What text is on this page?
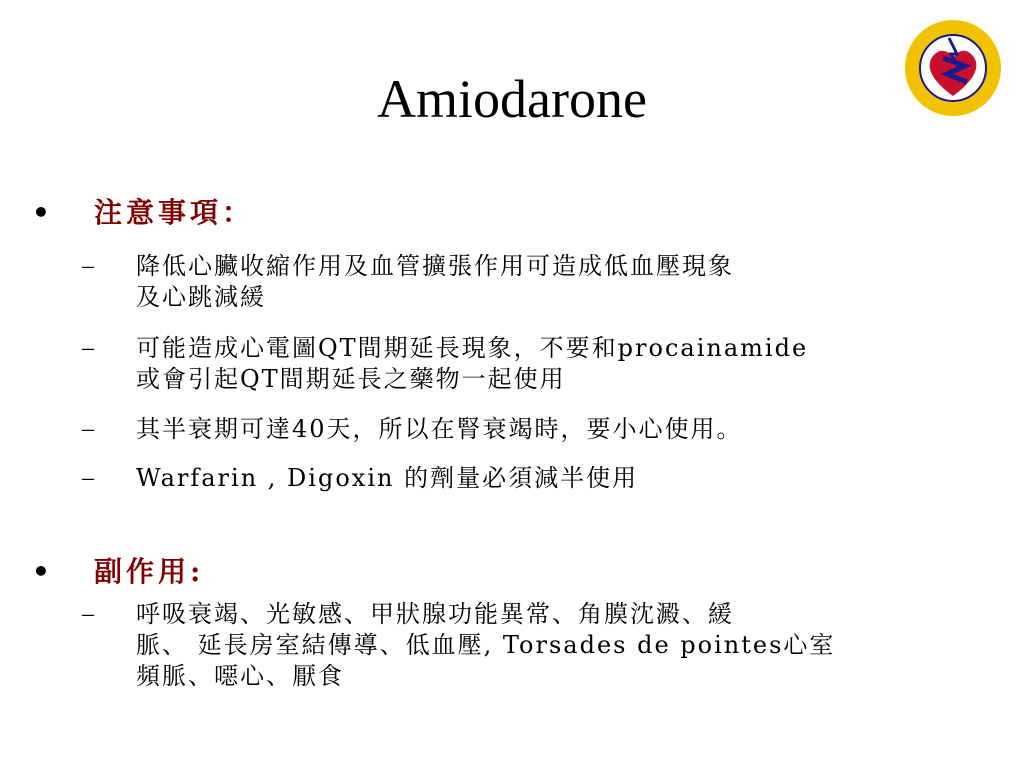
Amiodarone
• 注意事項：
– 降低心臟收縮作用及血管擴張作用可造成低血壓現象
及心跳減緩
– 可能造成心電圖QT間期延長現象，不要和procainamide
或會引起QT間期延長之藥物一起使用
– 其半衰期可達40天，所以在腎衰竭時，要小心使用。
– Warfarin , Digoxin 的劑量必須減半使用
• 副作用:
– 呼吸衰竭、光敏感、甲狀腺功能異常、角膜沈澱、緩
脈、 延長房室結傳導、低血壓, Torsades de pointes心室
頻脈、噁心、厭食
